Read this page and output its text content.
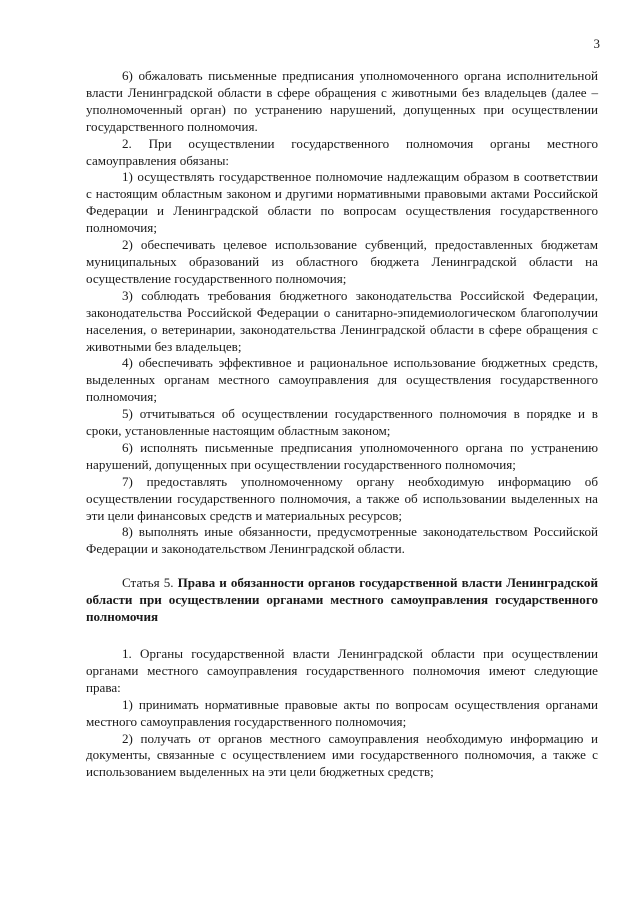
3

6) обжаловать письменные предписания уполномоченного органа исполнительной власти Ленинградской области в сфере обращения с животными без владельцев (далее – уполномоченный орган) по устранению нарушений, допущенных при осуществлении государственного полномочия.

2. При осуществлении государственного полномочия органы местного самоуправления обязаны:

1) осуществлять государственное полномочие надлежащим образом в соответствии с настоящим областным законом и другими нормативными правовыми актами Российской Федерации и Ленинградской области по вопросам осуществления государственного полномочия;

2) обеспечивать целевое использование субвенций, предоставленных бюджетам муниципальных образований из областного бюджета Ленинградской области на осуществление государственного полномочия;

3) соблюдать требования бюджетного законодательства Российской Федерации, законодательства Российской Федерации о санитарно-эпидемиологическом благополучии населения, о ветеринарии, законодательства Ленинградской области в сфере обращения с животными без владельцев;

4) обеспечивать эффективное и рациональное использование бюджетных средств, выделенных органам местного самоуправления для осуществления государственного полномочия;

5) отчитываться об осуществлении государственного полномочия в порядке и в сроки, установленные настоящим областным законом;

6) исполнять письменные предписания уполномоченного органа по устранению нарушений, допущенных при осуществлении государственного полномочия;

7) предоставлять уполномоченному органу необходимую информацию об осуществлении государственного полномочия, а также об использовании выделенных на эти цели финансовых средств и материальных ресурсов;

8) выполнять иные обязанности, предусмотренные законодательством Российской Федерации и законодательством Ленинградской области.

Статья 5. Права и обязанности органов государственной власти Ленинградской области при осуществлении органами местного самоуправления государственного полномочия

1. Органы государственной власти Ленинградской области при осуществлении органами местного самоуправления государственного полномочия имеют следующие права:

1) принимать нормативные правовые акты по вопросам осуществления органами местного самоуправления государственного полномочия;

2) получать от органов местного самоуправления необходимую информацию и документы, связанные с осуществлением ими государственного полномочия, а также с использованием выделенных на эти цели бюджетных средств;
